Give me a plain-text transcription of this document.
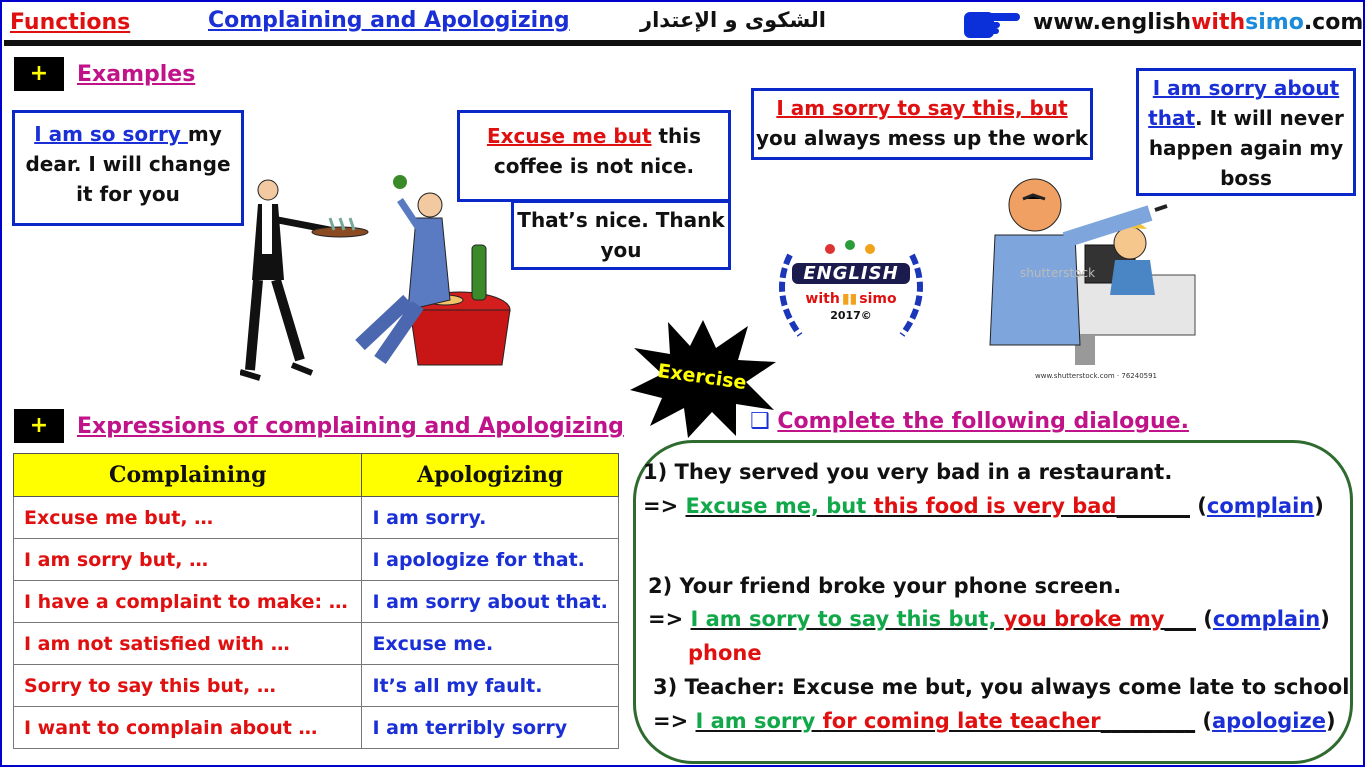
Functions	Complaining and Apologizing	الشكوى و الإعتدار	www.englishwithsimo.com
+	Examples
I am so sorry my dear. I will change it for you
Excuse me but this coffee is not nice.
That’s nice. Thank you
I am sorry to say this, but you always mess up the work
I am sorry about that. It will never happen again my boss
ENGLISH
with ▮▮ simo
2017©
shutterstock
www.shutterstock.com · 76240591
Exercise
+	Expressions of complaining and Apologizing
Complaining	Apologizing
Excuse me but, …	I am sorry.
I am sorry but, …	I apologize for that.
I have a complaint to make: …	I am sorry about that.
I am not satisfied with …	Excuse me.
Sorry to say this but, …	It’s all my fault.
I want to complain about …	I am terribly sorry
❑ Complete the following dialogue.
1) They served you very bad in a restaurant.
=> Excuse me, but this food is very bad_______ (complain)
2) Your friend broke your phone screen.
=> I am sorry to say this but, you broke my___ (complain)
phone
3) Teacher: Excuse me but, you always come late to school
=> I am sorry for coming late teacher_________ (apologize)
